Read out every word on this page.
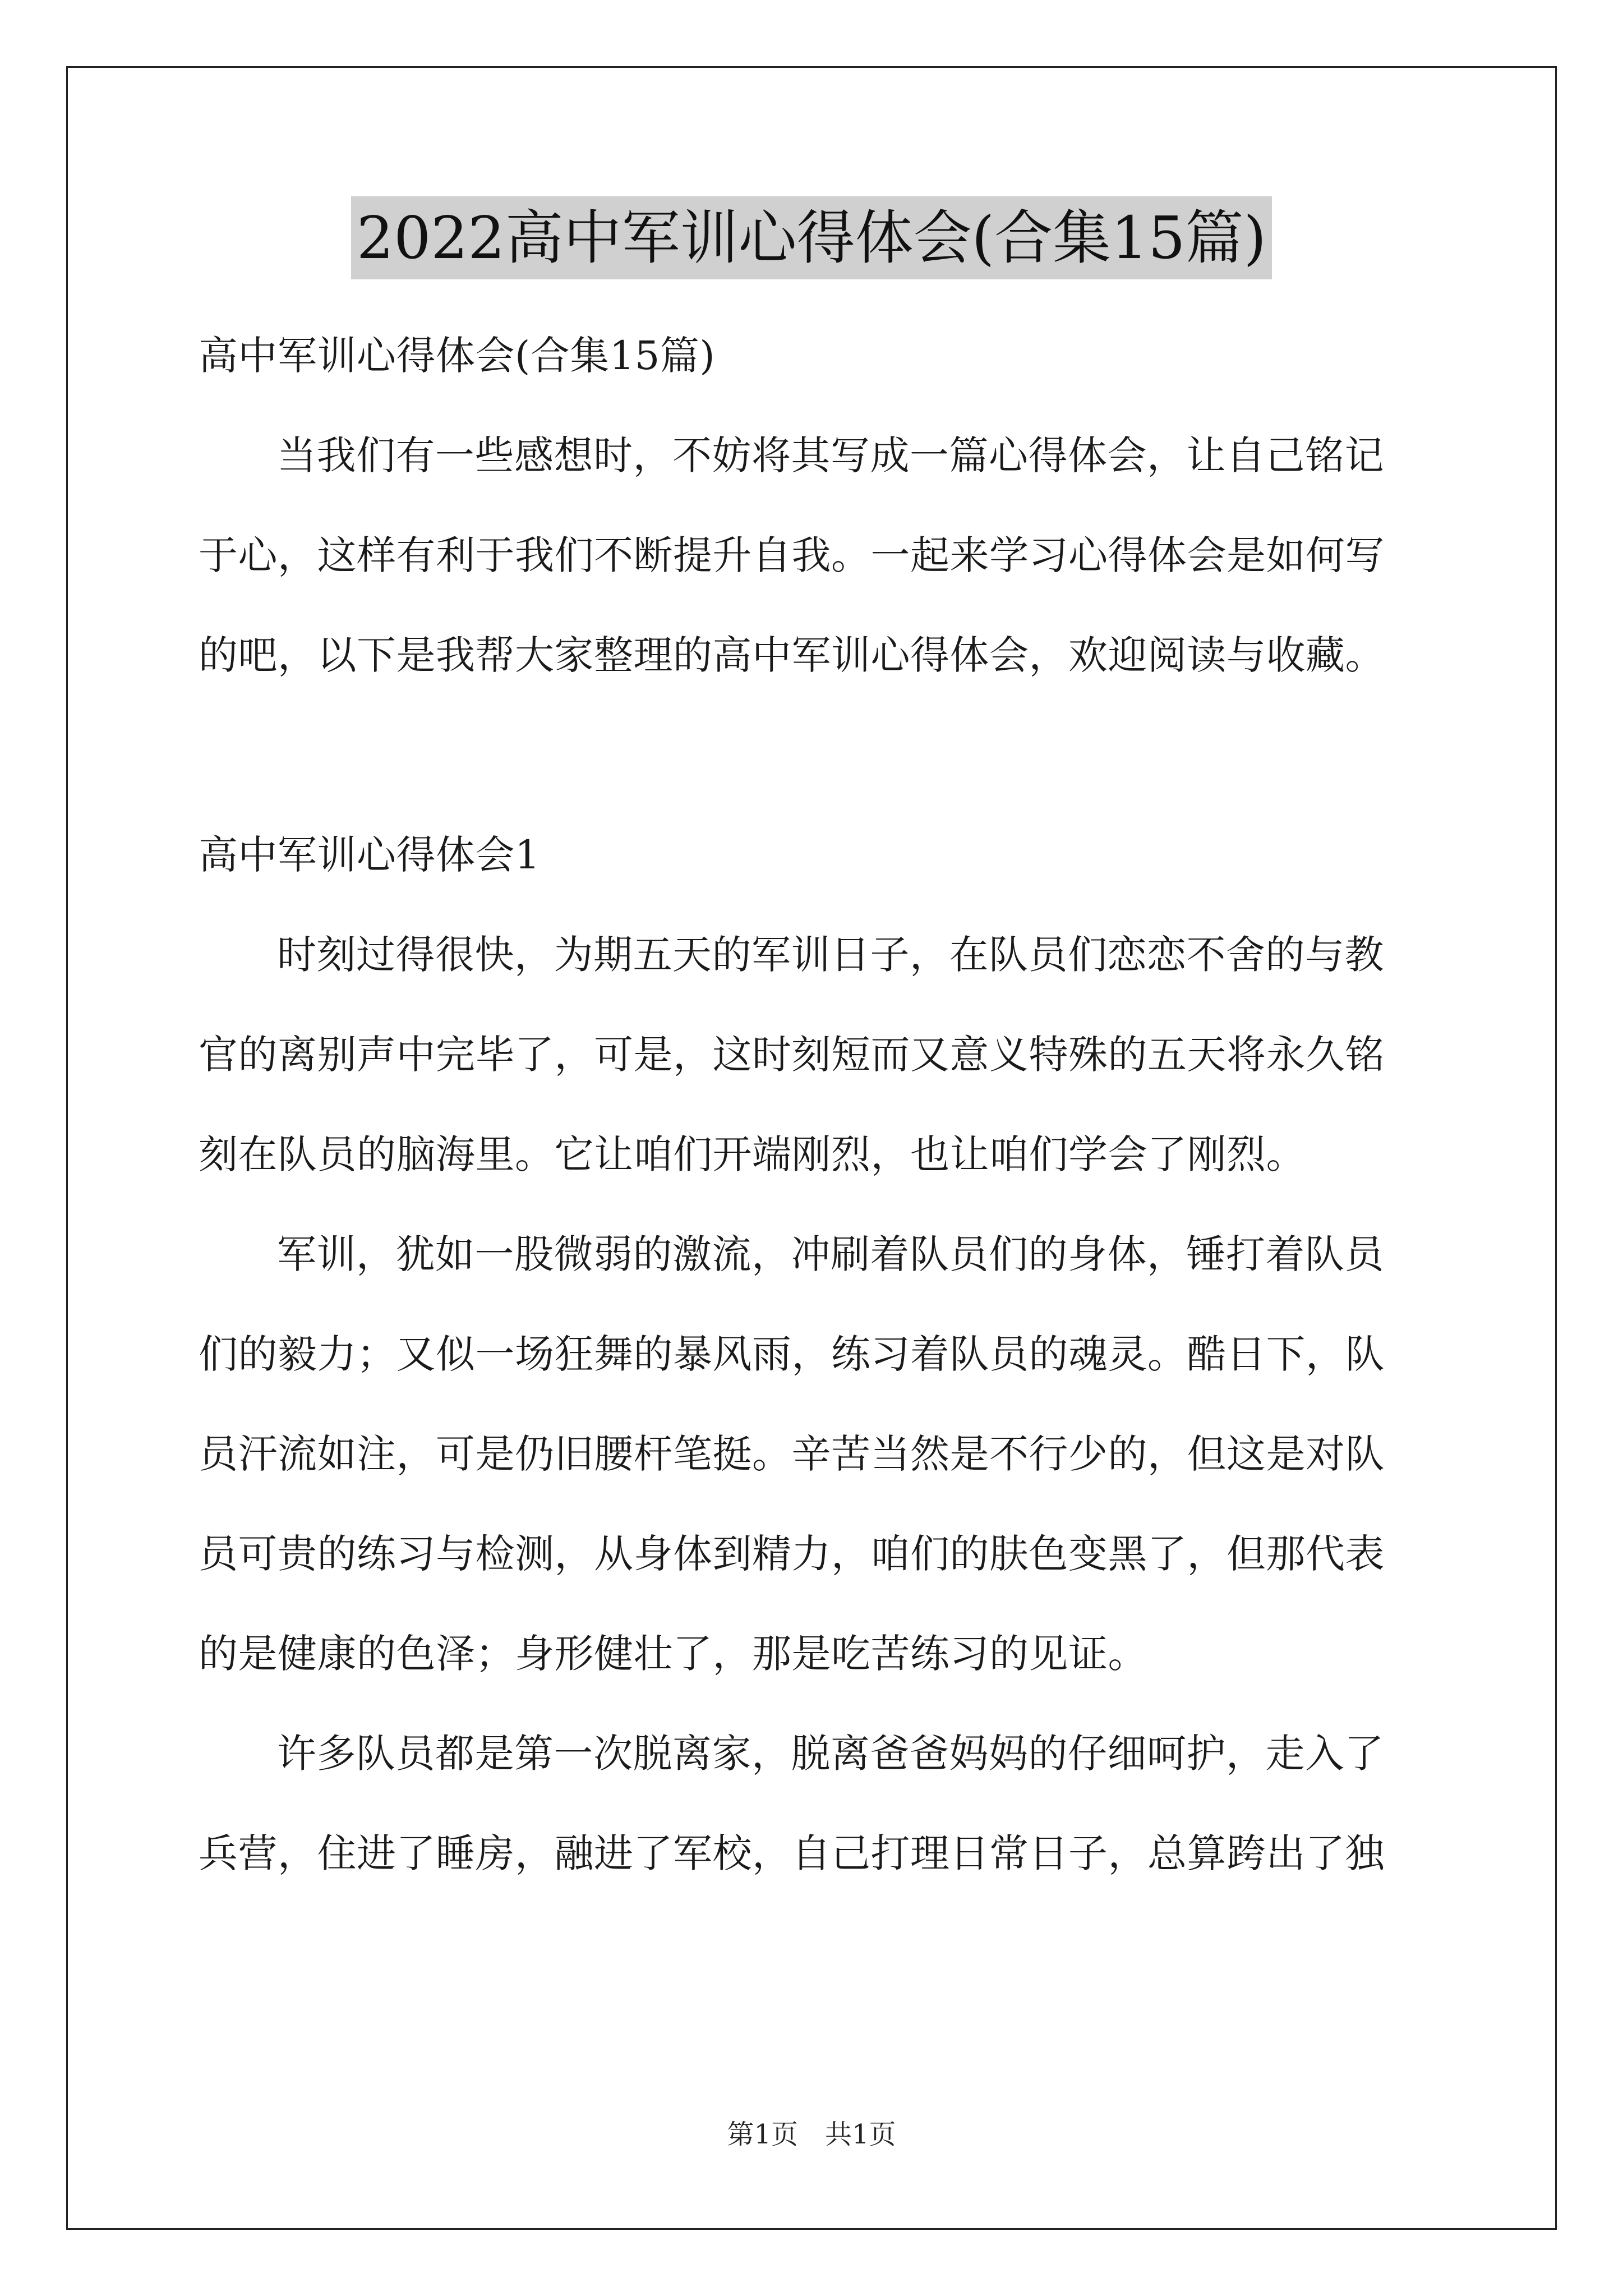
2022高中军训心得体会(合集15篇)
高中军训心得体会(合集15篇)
当我们有一些感想时，不妨将其写成一篇心得体会，让自己铭记
于心，这样有利于我们不断提升自我。一起来学习心得体会是如何写
的吧，以下是我帮大家整理的高中军训心得体会，欢迎阅读与收藏。
高中军训心得体会1
时刻过得很快，为期五天的军训日子，在队员们恋恋不舍的与教
官的离别声中完毕了，可是，这时刻短而又意义特殊的五天将永久铭
刻在队员的脑海里。它让咱们开端刚烈，也让咱们学会了刚烈。
军训，犹如一股微弱的激流，冲刷着队员们的身体，锤打着队员
们的毅力；又似一场狂舞的暴风雨，练习着队员的魂灵。酷日下，队
员汗流如注，可是仍旧腰杆笔挺。辛苦当然是不行少的，但这是对队
员可贵的练习与检测，从身体到精力，咱们的肤色变黑了，但那代表
的是健康的色泽；身形健壮了，那是吃苦练习的见证。
许多队员都是第一次脱离家，脱离爸爸妈妈的仔细呵护，走入了
兵营，住进了睡房，融进了军校，自己打理日常日子，总算跨出了独
第1页　共1页
